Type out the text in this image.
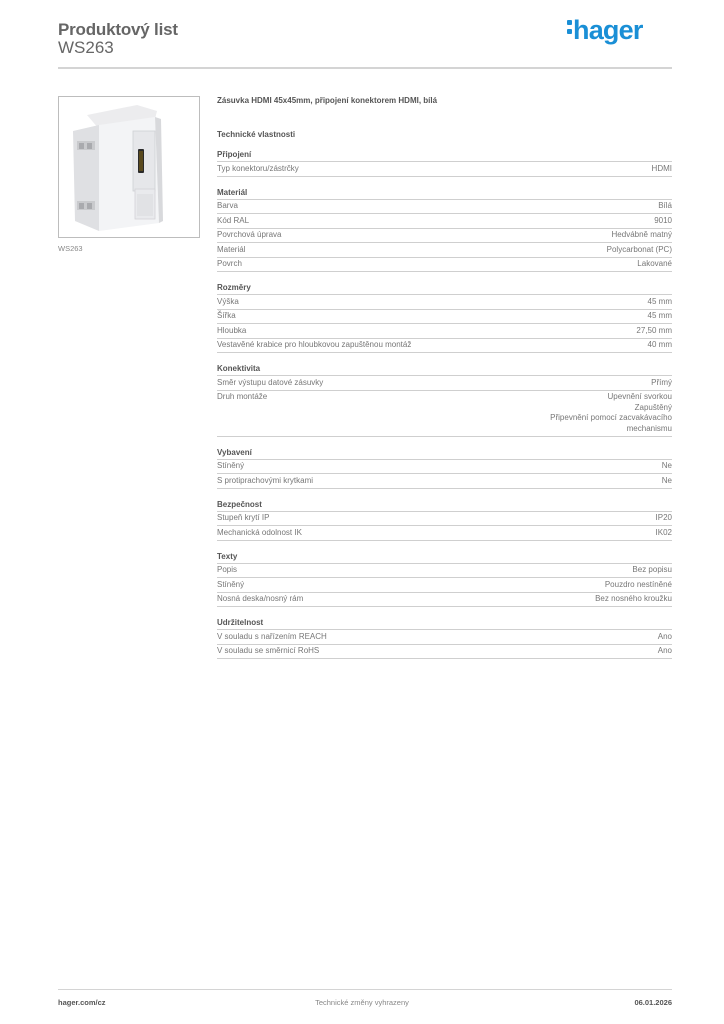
Produktový list
WS263
hager
WS263
Zásuvka HDMI 45x45mm, připojení konektorem HDMI, bílá
Technické vlastnosti
Připojení
Typ konektoru/zástrčky	HDMI
Materiál
Barva	Bílá
Kód RAL	9010
Povrchová úprava	Hedvábně matný
Materiál	Polycarbonat (PC)
Povrch	Lakované
Rozměry
Výška	45 mm
Šířka	45 mm
Hloubka	27,50 mm
Vestavěné krabice pro hloubkovou zapuštěnou montáž	40 mm
Konektivita
Směr výstupu datové zásuvky	Přímý
Druh montáže	Upevnění svorkou
Zapuštěný
Připevnění pomocí zacvakávacího
mechanismu
Vybavení
Stíněný	Ne
S protiprachovými krytkami	Ne
Bezpečnost
Stupeň krytí IP	IP20
Mechanická odolnost IK	IK02
Texty
Popis	Bez popisu
Stíněný	Pouzdro nestíněné
Nosná deska/nosný rám	Bez nosného kroužku
Udržitelnost
V souladu s nařízením REACH	Ano
V souladu se směrnicí RoHS	Ano
hager.com/cz	Technické změny vyhrazeny	06.01.2026
